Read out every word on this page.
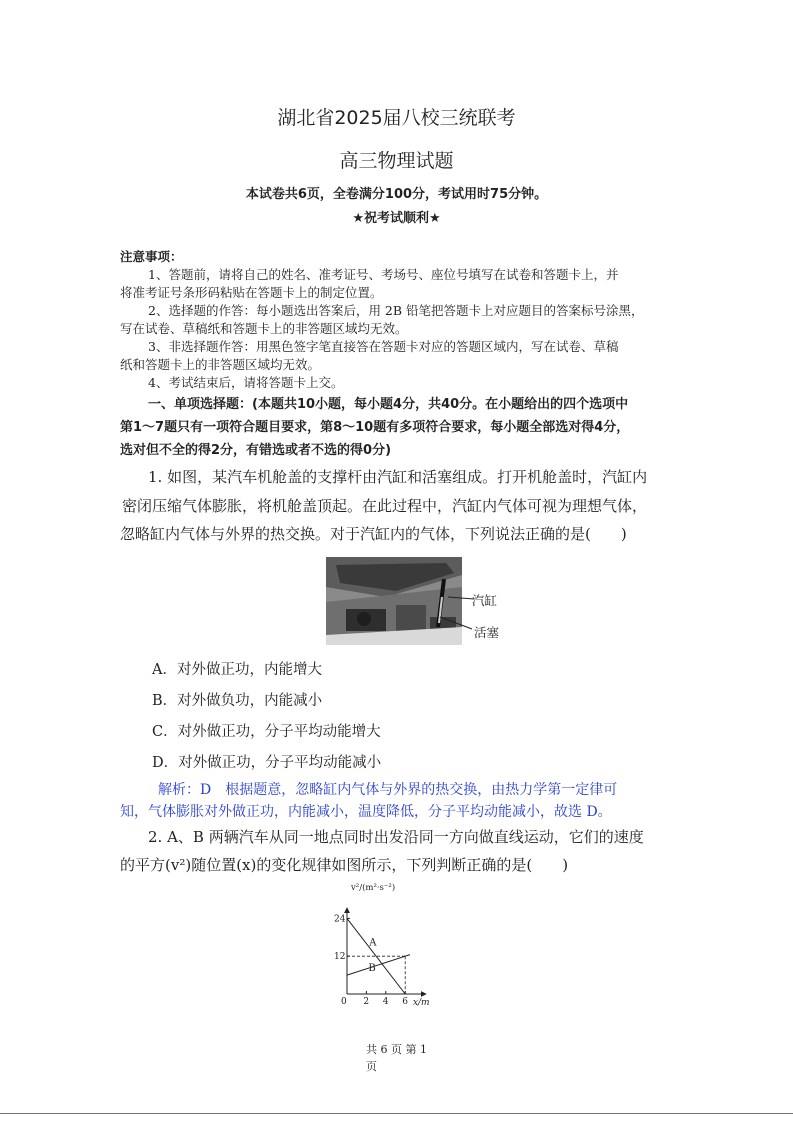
湖北省2025届八校三统联考
高三物理试题
本试卷共6页，全卷满分100分，考试用时75分钟。
★祝考试顺利★
注意事项：
1、答题前，请将自己的姓名、准考证号、考场号、座位号填写在试卷和答题卡上，并
将准考证号条形码粘贴在答题卡上的制定位置。
2、选择题的作答：每小题选出答案后，用 2B 铅笔把答题卡上对应题目的答案标号涂黑，
写在试卷、草稿纸和答题卡上的非答题区域均无效。
3、非选择题作答：用黑色签字笔直接答在答题卡对应的答题区域内，写在试卷、草稿
纸和答题卡上的非答题区域均无效。
4、考试结束后，请将答题卡上交。
一、单项选择题：(本题共10小题，每小题4分，共40分。在小题给出的四个选项中
第1～7题只有一项符合题目要求，第8～10题有多项符合要求，每小题全部选对得4分，
选对但不全的得2分，有错选或者不选的得0分)
1. 如图，某汽车机舱盖的支撑杆由汽缸和活塞组成。打开机舱盖时，汽缸内
密闭压缩气体膨胀，将机舱盖顶起。在此过程中，汽缸内气体可视为理想气体，
忽略缸内气体与外界的热交换。对于汽缸内的气体，下列说法正确的是(　　)
汽缸
活塞
A．对外做正功，内能增大
B．对外做负功，内能减小
C．对外做正功，分子平均动能增大
D．对外做正功，分子平均动能减小
解析：D　根据题意，忽略缸内气体与外界的热交换，由热力学第一定律可
知，气体膨胀对外做正功，内能减小，温度降低，分子平均动能减小，故选 D。
2. A、B 两辆汽车从同一地点同时出发沿同一方向做直线运动，它们的速度
的平方(v²)随位置(x)的变化规律如图所示，下列判断正确的是(　　)
0 2 4 6
12
24
A
B
v²/(m²·s⁻²)
x/m
共 6 页 第 1
页
